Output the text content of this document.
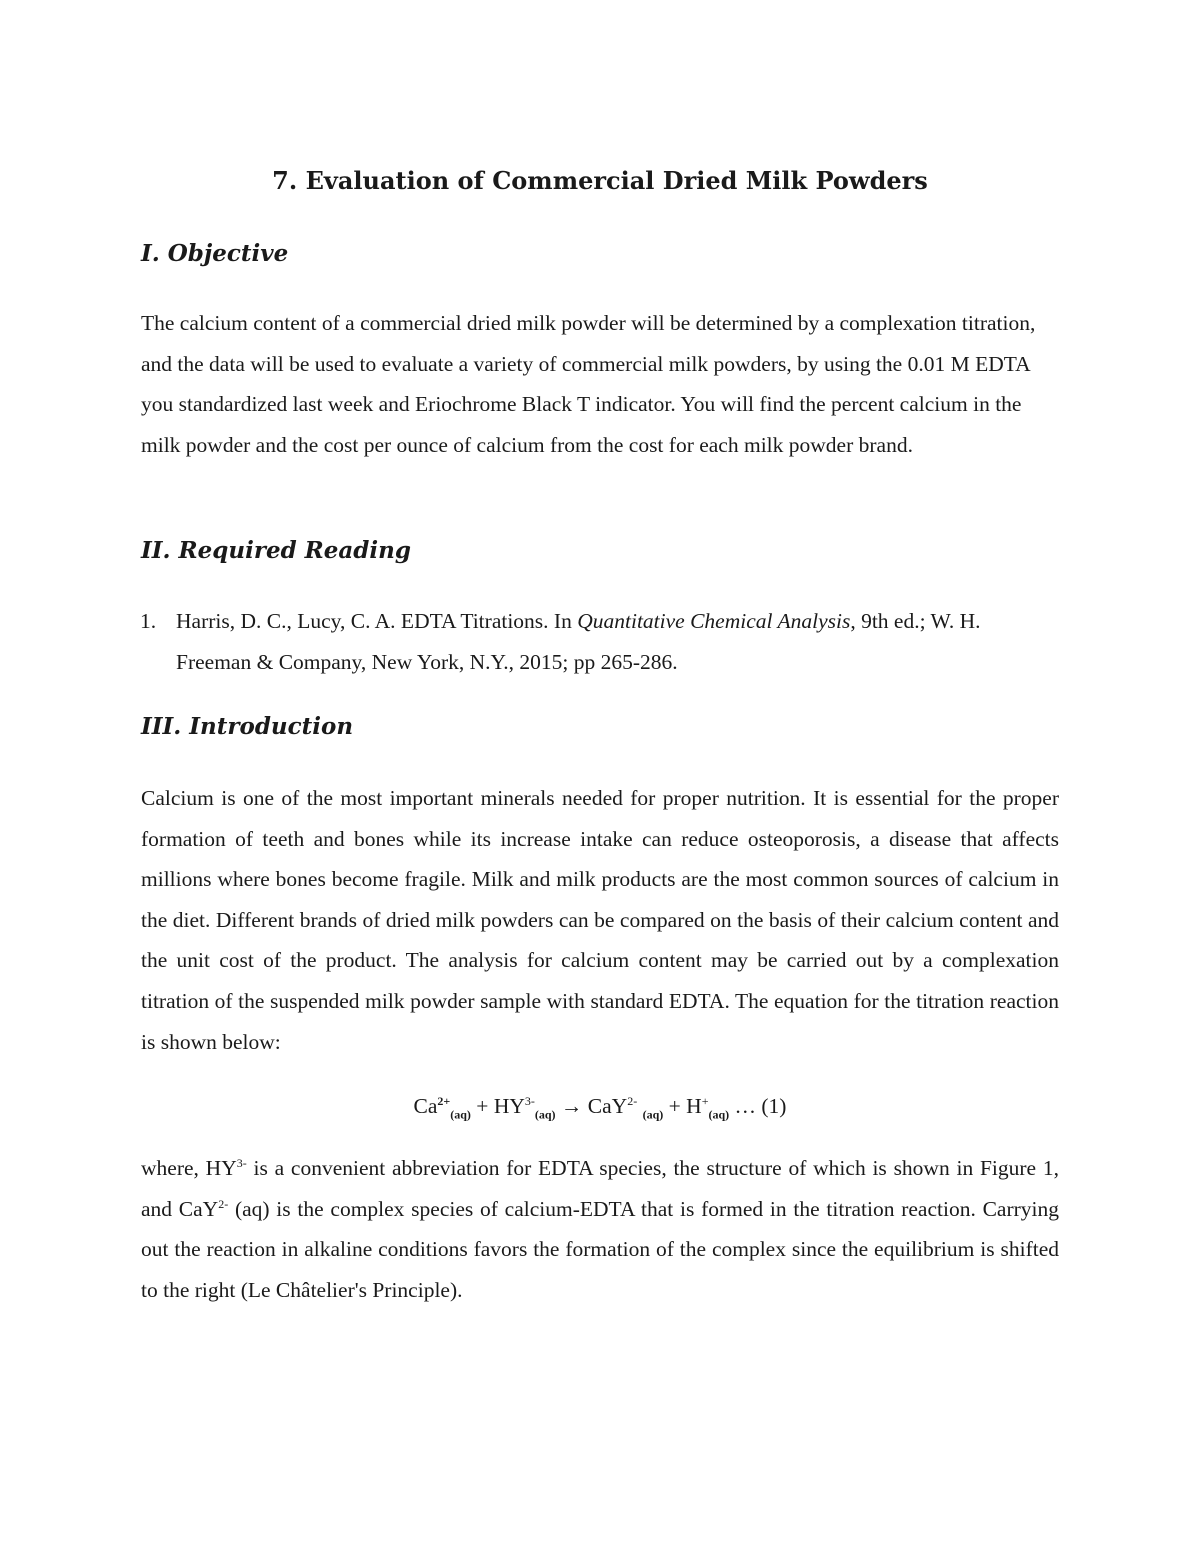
7. Evaluation of Commercial Dried Milk Powders
I. Objective

The calcium content of a commercial dried milk powder will be determined by a complexation titration, and the data will be used to evaluate a variety of commercial milk powders, by using the 0.01 M EDTA you standardized last week and Eriochrome Black T indicator. You will find the percent calcium in the milk powder and the cost per ounce of calcium from the cost for each milk powder brand.

II. Required Reading

1. Harris, D. C., Lucy, C. A. EDTA Titrations. In Quantitative Chemical Analysis, 9th ed.; W. H. Freeman & Company, New York, N.Y., 2015; pp 265-286.

III. Introduction

Calcium is one of the most important minerals needed for proper nutrition. It is essential for the proper formation of teeth and bones while its increase intake can reduce osteoporosis, a disease that affects millions where bones become fragile. Milk and milk products are the most common sources of calcium in the diet. Different brands of dried milk powders can be compared on the basis of their calcium content and the unit cost of the product. The analysis for calcium content may be carried out by a complexation titration of the suspended milk powder sample with standard EDTA. The equation for the titration reaction is shown below:

$Ca^{2+}_{(aq)} + HY^{3-}_{(aq)} \to CaY^{2-}$ $_{(aq)} + H^+_{(aq)}$ … (1)

where, $HY^{3-}$ is a convenient abbreviation for EDTA species, the structure of which is shown in Figure 1, and CaY$^{2-}$ (aq) is the complex species of calcium-EDTA that is formed in the titration reaction. Carrying out the reaction in alkaline conditions favors the formation of the complex since the equilibrium is shifted to the right (Le Châtelier's Principle).
